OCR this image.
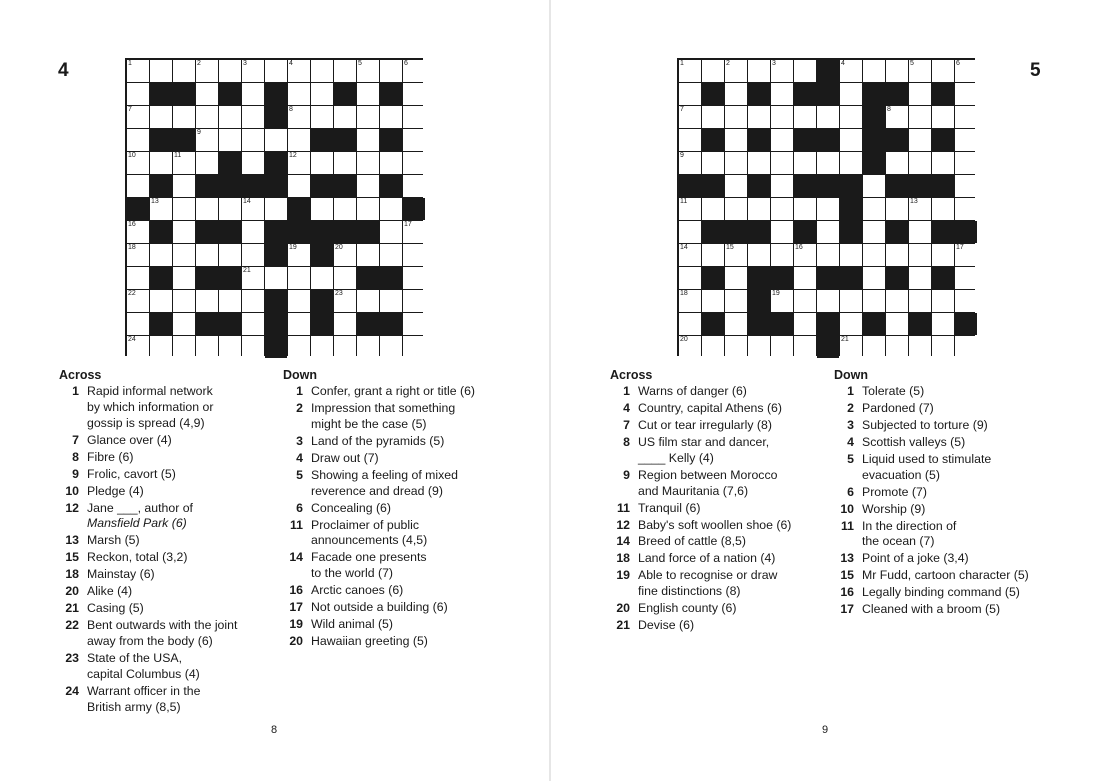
4	1	2	3	4	5	6
7	8
9
10	11	12
13	14
16	17
18	19	20
21
22	23
24
Across
1 Rapid informal network
by which information or
gossip is spread (4,9)
7 Glance over (4)
8 Fibre (6)
9 Frolic, cavort (5)
10 Pledge (4)
12 Jane ___, author of
Mansfield Park (6)
13 Marsh (5)
15 Reckon, total (3,2)
18 Mainstay (6)
20 Alike (4)
21 Casing (5)
22 Bent outwards with the joint
away from the body (6)
23 State of the USA,
capital Columbus (4)
24 Warrant officer in the
British army (8,5)
Down
1 Confer, grant a right or title (6)
2 Impression that something
might be the case (5)
3 Land of the pyramids (5)
4 Draw out (7)
5 Showing a feeling of mixed
reverence and dread (9)
6 Concealing (6)
11 Proclaimer of public
announcements (4,5)
14 Facade one presents
to the world (7)
16 Arctic canoes (6)
17 Not outside a building (6)
19 Wild animal (5)
20 Hawaiian greeting (5)
8
5
1	2	3	4	5	6
7	8
9
11	13
14	15	16	17
18	19
20	21
Across
1 Warns of danger (6)
4 Country, capital Athens (6)
7 Cut or tear irregularly (8)
8 US film star and dancer,
____ Kelly (4)
9 Region between Morocco
and Mauritania (7,6)
11 Tranquil (6)
12 Baby's soft woollen shoe (6)
14 Breed of cattle (8,5)
18 Land force of a nation (4)
19 Able to recognise or draw
fine distinctions (8)
20 English county (6)
21 Devise (6)
Down
1 Tolerate (5)
2 Pardoned (7)
3 Subjected to torture (9)
4 Scottish valleys (5)
5 Liquid used to stimulate
evacuation (5)
6 Promote (7)
10 Worship (9)
11 In the direction of
the ocean (7)
13 Point of a joke (3,4)
15 Mr Fudd, cartoon character (5)
16 Legally binding command (5)
17 Cleaned with a broom (5)
9
